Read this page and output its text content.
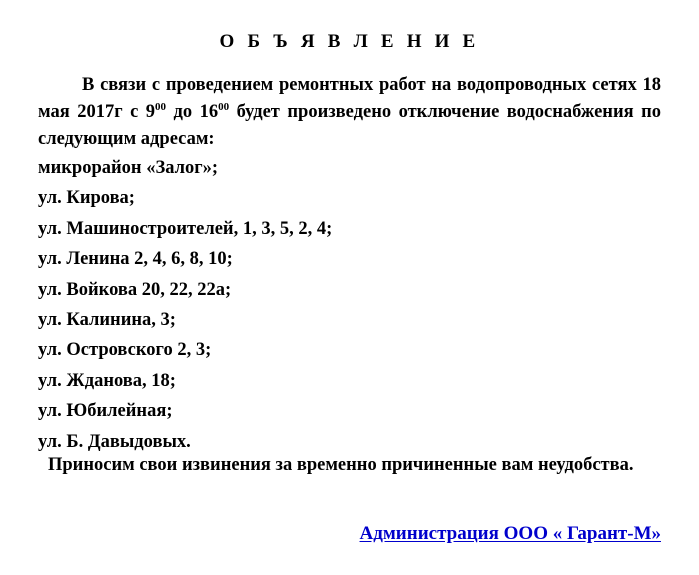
О Б Ъ Я В Л Е Н И Е
В связи с проведением ремонтных работ на водопроводных сетях 18 мая 2017г с $9^{00}$ до $16^{00}$ будет произведено отключение водоснабжения по следующим адресам:
микрорайон «Залог»;
ул. Кирова;
ул. Машиностроителей, 1, 3, 5, 2, 4;
ул. Ленина 2, 4, 6, 8, 10;
ул. Войкова 20, 22, 22а;
ул. Калинина, 3;
ул. Островского 2, 3;
ул. Жданова, 18;
ул. Юбилейная;
ул. Б. Давыдовых.
Приносим свои извинения за временно причиненные вам неудобства.
Администрация ООО « Гарант-М»
